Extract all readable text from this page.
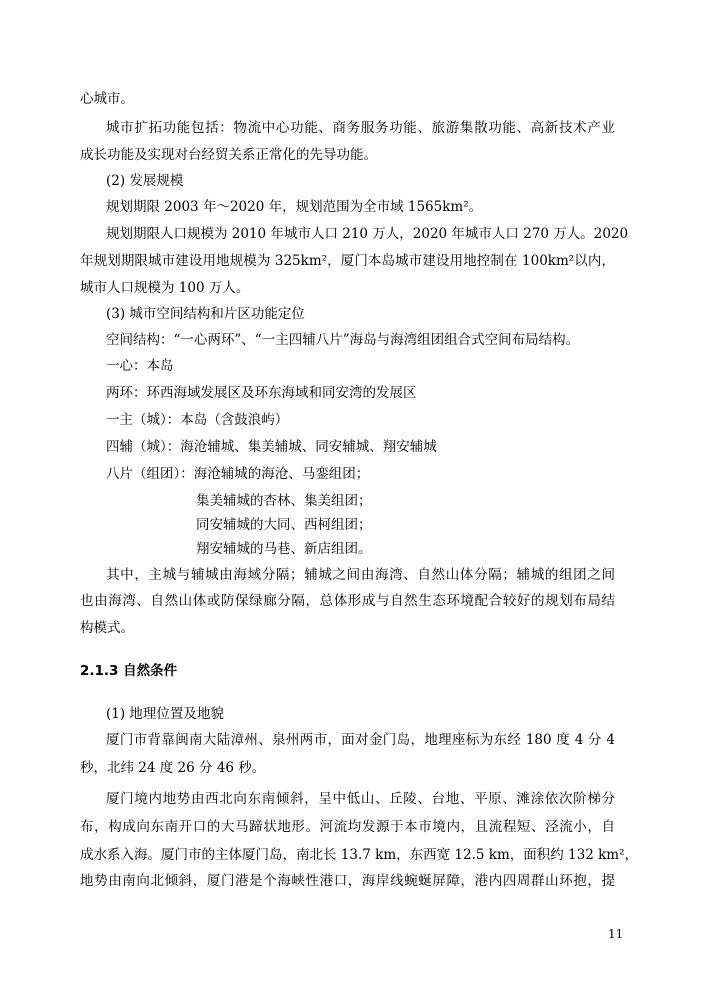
心城市。
城市扩拓功能包括：物流中心功能、商务服务功能、旅游集散功能、高新技术产业
成长功能及实现对台经贸关系正常化的先导功能。
(2) 发展规模
规划期限 2003 年～2020 年，规划范围为全市域 1565km²。
规划期限人口规模为 2010 年城市人口 210 万人，2020 年城市人口 270 万人。2020
年规划期限城市建设用地规模为 325km²，厦门本岛城市建设用地控制在 100km²以内，
城市人口规模为 100 万人。
(3) 城市空间结构和片区功能定位
空间结构：“一心两环”、“一主四辅八片”海岛与海湾组团组合式空间布局结构。
一心：本岛
两环：环西海域发展区及环东海域和同安湾的发展区
一主（城）：本岛（含鼓浪屿）
四辅（城）：海沧辅城、集美辅城、同安辅城、翔安辅城
八片（组团）：海沧辅城的海沧、马銮组团；
集美辅城的杏林、集美组团；
同安辅城的大同、西柯组团；
翔安辅城的马巷、新店组团。
其中，主城与辅城由海域分隔；辅城之间由海湾、自然山体分隔；辅城的组团之间
也由海湾、自然山体或防保绿廊分隔，总体形成与自然生态环境配合较好的规划布局结
构模式。
2.1.3 自然条件
(1) 地理位置及地貌
厦门市背靠闽南大陆漳州、泉州两市，面对金门岛，地理座标为东经 180 度 4 分 4
秒，北纬 24 度 26 分 46 秒。
厦门境内地势由西北向东南倾斜，呈中低山、丘陵、台地、平原、滩涂依次阶梯分
布，构成向东南开口的大马蹄状地形。河流均发源于本市境内，且流程短、泾流小，自
成水系入海。厦门市的主体厦门岛，南北长 13.7 km，东西宽 12.5 km，面积约 132 km²，
地势由南向北倾斜，厦门港是个海峡性港口，海岸线蜿蜒屏障，港内四周群山环抱，提
11
